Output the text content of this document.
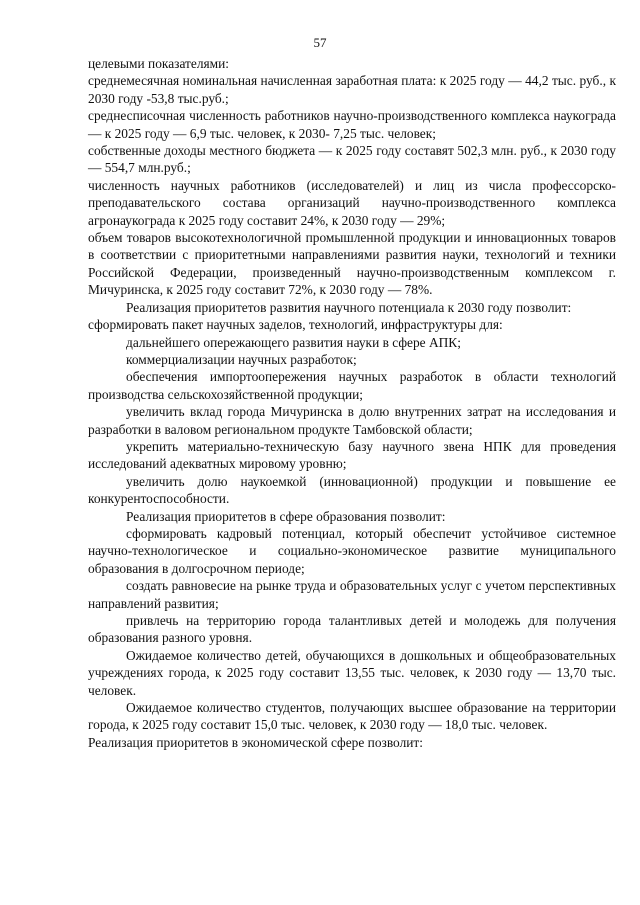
57

целевыми показателями:

среднемесячная номинальная начисленная заработная плата: к 2025 году — 44,2 тыс. руб., к 2030 году -53,8 тыс.руб.;

среднесписочная численность работников научно-производственного комплекса наукограда — к 2025 году — 6,9 тыс. человек, к 2030- 7,25 тыс. человек;

собственные доходы местного бюджета — к 2025 году составят 502,3 млн. руб., к 2030 году — 554,7 млн.руб.;

численность научных работников (исследователей) и лиц из числа профессорско-преподавательского состава организаций научно-производственного комплекса агронаукограда к 2025 году составит 24%, к 2030 году — 29%;

объем товаров высокотехнологичной промышленной продукции и инновационных товаров в соответствии с приоритетными направлениями развития науки, технологий и техники Российской Федерации, произведенный научно-производственным комплексом г. Мичуринска, к 2025 году составит 72%, к 2030 году — 78%.

Реализация приоритетов развития научного потенциала к 2030 году позволит:

сформировать пакет научных заделов, технологий, инфраструктуры для:

дальнейшего опережающего развития науки в сфере АПК;

коммерциализации научных разработок;

обеспечения импортоопережения научных разработок в области технологий производства сельскохозяйственной продукции;

увеличить вклад города Мичуринска в долю внутренних затрат на исследования и разработки в валовом региональном продукте Тамбовской области;

укрепить материально-техническую базу научного звена НПК для проведения исследований адекватных мировому уровню;

увеличить долю наукоемкой (инновационной) продукции и повышение ее конкурентоспособности.

Реализация приоритетов в сфере образования позволит:

сформировать кадровый потенциал, который обеспечит устойчивое системное научно-технологическое и социально-экономическое развитие муниципального образования в долгосрочном периоде;

создать равновесие на рынке труда и образовательных услуг с учетом перспективных направлений развития;

привлечь на территорию города талантливых детей и молодежь для получения образования разного уровня.

Ожидаемое количество детей, обучающихся в дошкольных и общеобразовательных учреждениях города, к 2025 году составит 13,55 тыс. человек, к 2030 году — 13,70 тыс. человек.

Ожидаемое количество студентов, получающих высшее образование на территории города, к 2025 году составит 15,0 тыс. человек, к 2030 году — 18,0 тыс. человек.

Реализация приоритетов в экономической сфере позволит:
